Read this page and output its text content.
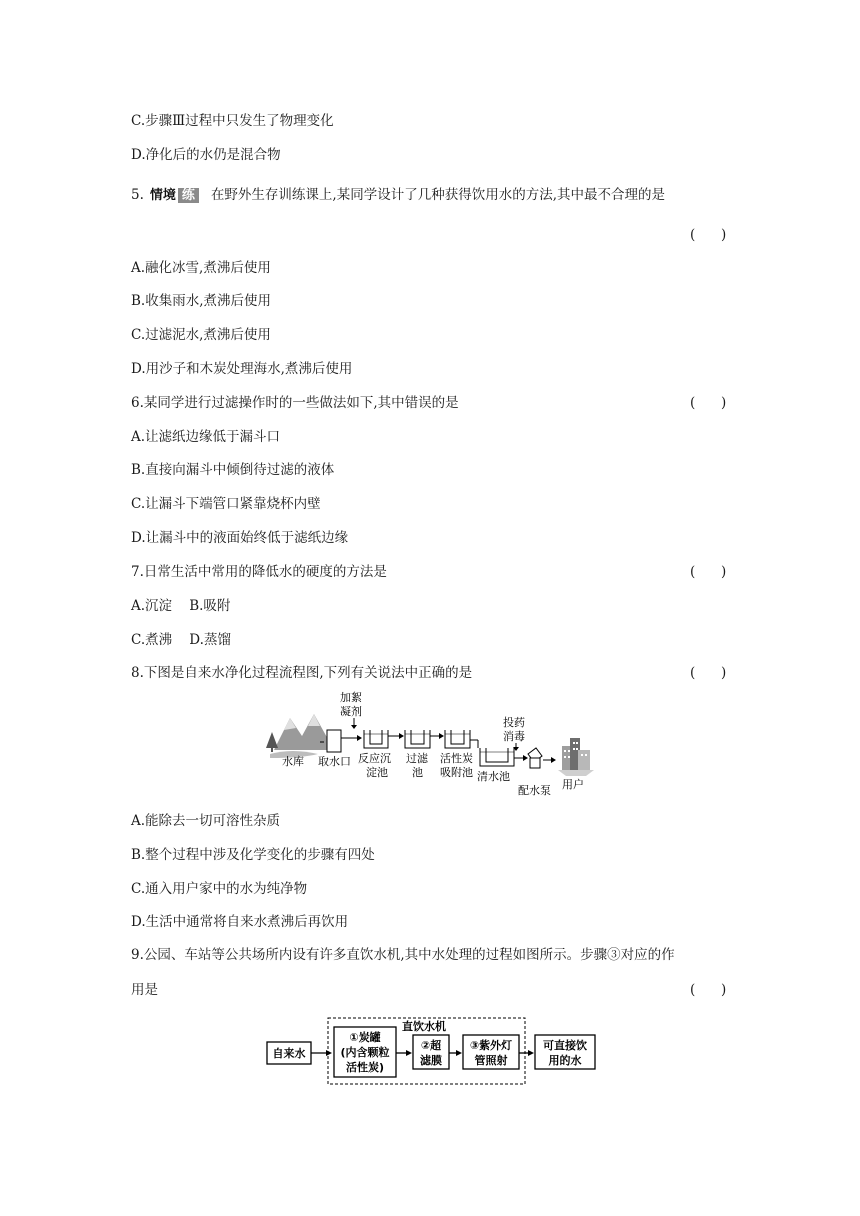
C.步骤Ⅲ过程中只发生了物理变化
D.净化后的水仍是混合物
5. 情境 练 在野外生存训练课上,某同学设计了几种获得饮用水的方法,其中最不合理的是
(      )
A.融化冰雪,煮沸后使用
B.收集雨水,煮沸后使用
C.过滤泥水,煮沸后使用
D.用沙子和木炭处理海水,煮沸后使用
6.某同学进行过滤操作时的一些做法如下,其中错误的是	(      )
A.让滤纸边缘低于漏斗口
B.直接向漏斗中倾倒待过滤的液体
C.让漏斗下端管口紧靠烧杯内壁
D.让漏斗中的液面始终低于滤纸边缘
7.日常生活中常用的降低水的硬度的方法是	(      )
A.沉淀    B.吸附
C.煮沸    D.蒸馏
8.下图是自来水净化过程流程图,下列有关说法中正确的是	(      )
水库 取水口
加絮
凝剂
反应沉
淀池
过滤
池
活性炭
吸附池
投药
消毒
清水池
配水泵 用户
A.能除去一切可溶性杂质
B.整个过程中涉及化学变化的步骤有四处
C.通入用户家中的水为纯净物
D.生活中通常将自来水煮沸后再饮用
9.公园、车站等公共场所内设有许多直饮水机,其中水处理的过程如图所示。步骤③对应的作
用是	(      )
自来水
直饮水机
①炭罐
(内含颗粒
活性炭)
②超
滤膜
③紫外灯
管照射
可直接饮
用的水
